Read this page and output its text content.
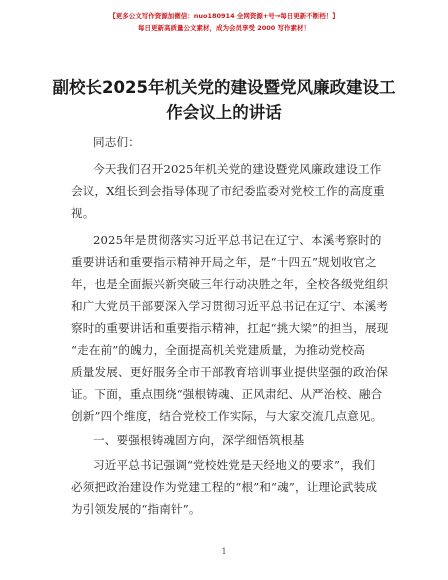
【更多公文写作资源加微信：nuo180914 全网资源+号→每日更新不断档！】
每日更新高质量公文素材，成为会员享受 2000 写作素材！
副校长2025年机关党的建设暨党风廉政建设工
作会议上的讲话
同志们：
今天我们召开2025年机关党的建设暨党风廉政建设工作
会议，X组长到会指导体现了市纪委监委对党校工作的高度重
视。
2025年是贯彻落实习近平总书记在辽宁、本溪考察时的
重要讲话和重要指示精神开局之年，是“十四五”规划收官之
年，也是全面振兴新突破三年行动决胜之年，全校各级党组织
和广大党员干部要深入学习贯彻习近平总书记在辽宁、本溪考
察时的重要讲话和重要指示精神，扛起“挑大梁”的担当，展现
“走在前”的魄力，全面提高机关党建质量，为推动党校高
质量发展、更好服务全市干部教育培训事业提供坚强的政治保
证。下面，重点围绕“强根铸魂、正风肃纪、从严治校、融合
创新”四个维度，结合党校工作实际，与大家交流几点意见。
一、要强根铸魂固方向，深学细悟筑根基
习近平总书记强调“党校姓党是天经地义的要求”，我们
必须把政治建设作为党建工程的“根”和“魂”，让理论武装成
为引领发展的“指南针”。
1
